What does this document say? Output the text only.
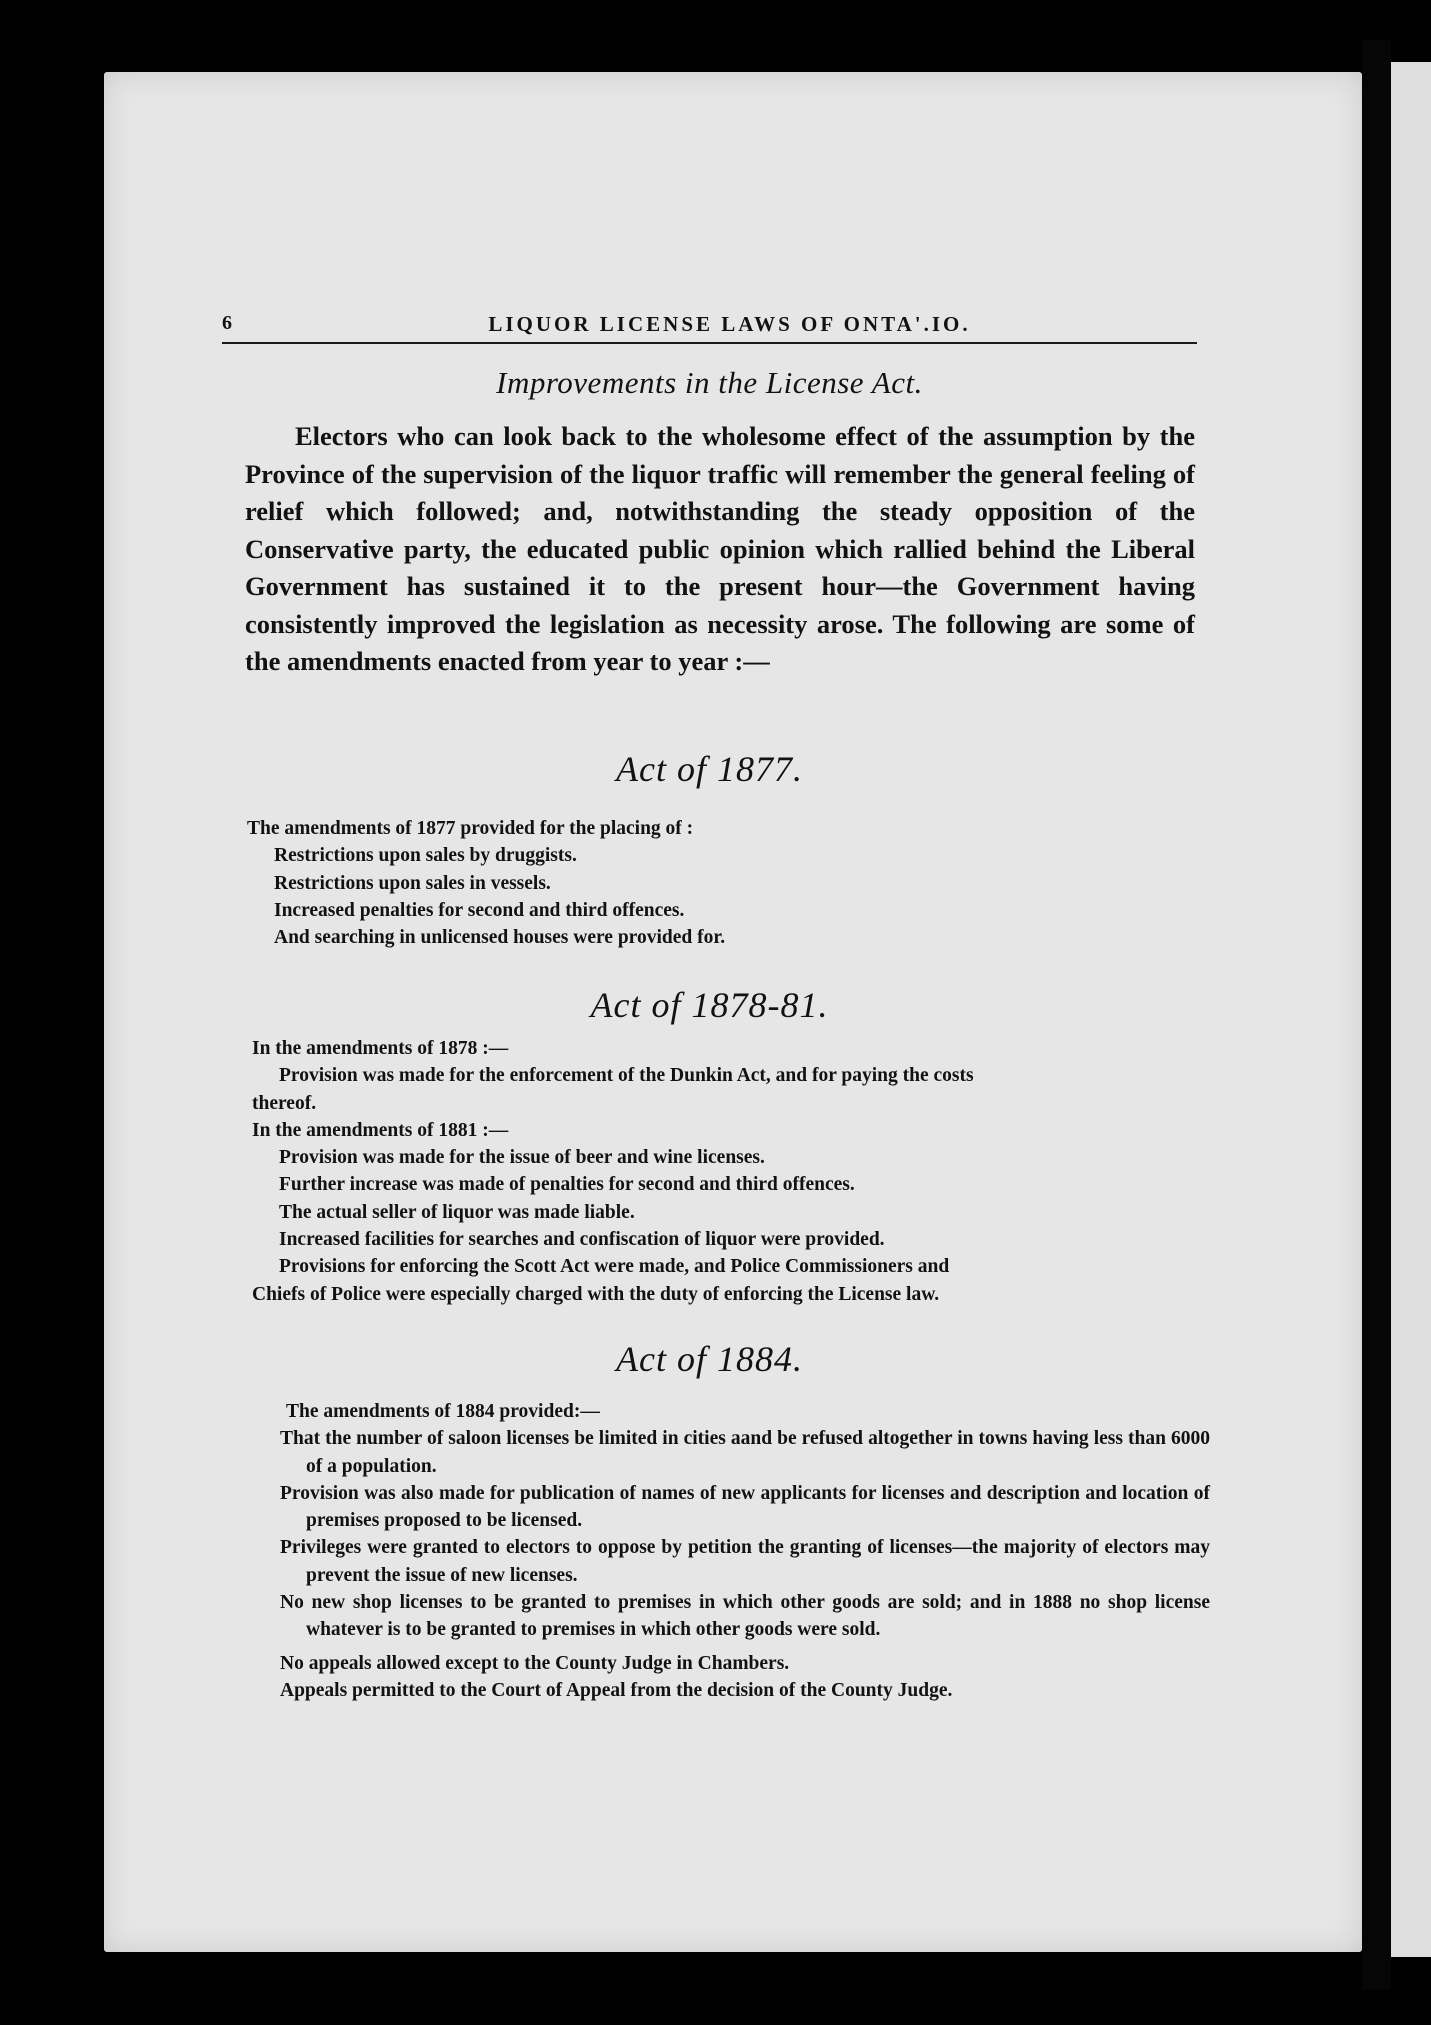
6	LIQUOR LICENSE LAWS OF ONTA'.IO.
Improvements in the License Act.

Electors who can look back to the wholesome effect of the assumption by the Province of the supervision of the liquor traffic will remember the general feeling of relief which followed; and, notwithstanding the steady opposition of the Conservative party, the educated public opinion which rallied behind the Liberal Government has sustained it to the present hour—the Government having consistently improved the legislation as necessity arose. The following are some of the amendments enacted from year to year :—

Act of 1877.
The amendments of 1877 provided for the placing of :
Restrictions upon sales by druggists.
Restrictions upon sales in vessels.
Increased penalties for second and third offences.
And searching in unlicensed houses were provided for.
Act of 1878-81.
In the amendments of 1878 :—
Provision was made for the enforcement of the Dunkin Act, and for paying the costs
thereof.
In the amendments of 1881 :—
Provision was made for the issue of beer and wine licenses.
Further increase was made of penalties for second and third offences.
The actual seller of liquor was made liable.
Increased facilities for searches and confiscation of liquor were provided.
Provisions for enforcing the Scott Act were made, and Police Commissioners and
Chiefs of Police were especially charged with the duty of enforcing the License law.
Act of 1884.
The amendments of 1884 provided:—
That the number of saloon licenses be limited in cities aand be refused altogether in towns having less than 6000 of a population.
Provision was also made for publication of names of new applicants for licenses and description and location of premises proposed to be licensed.
Privileges were granted to electors to oppose by petition the granting of licenses—the majority of electors may prevent the issue of new licenses.
No new shop licenses to be granted to premises in which other goods are sold; and in 1888 no shop license whatever is to be granted to premises in which other goods were sold.
No appeals allowed except to the County Judge in Chambers.
Appeals permitted to the Court of Appeal from the decision of the County Judge.
